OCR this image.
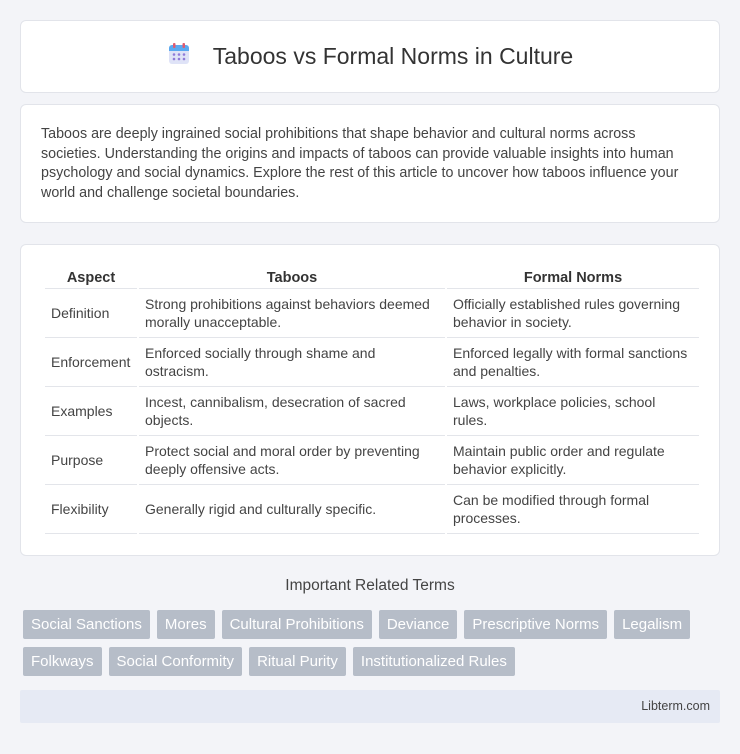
Taboos vs Formal Norms in Culture

Taboos are deeply ingrained social prohibitions that shape behavior and cultural norms across societies. Understanding the origins and impacts of taboos can provide valuable insights into human psychology and social dynamics. Explore the rest of this article to uncover how taboos influence your world and challenge societal boundaries.

Aspect	Taboos	Formal Norms
Definition	Strong prohibitions against behaviors deemed morally unacceptable.	Officially established rules governing behavior in society.
Enforcement	Enforced socially through shame and ostracism.	Enforced legally with formal sanctions and penalties.
Examples	Incest, cannibalism, desecration of sacred objects.	Laws, workplace policies, school rules.
Purpose	Protect social and moral order by preventing deeply offensive acts.	Maintain public order and regulate behavior explicitly.
Flexibility	Generally rigid and culturally specific.	Can be modified through formal processes.
Important Related Terms
Social Sanctions	Mores	Cultural Prohibitions	Deviance	Prescriptive Norms	Legalism
Folkways	Social Conformity	Ritual Purity	Institutionalized Rules
Libterm.com
